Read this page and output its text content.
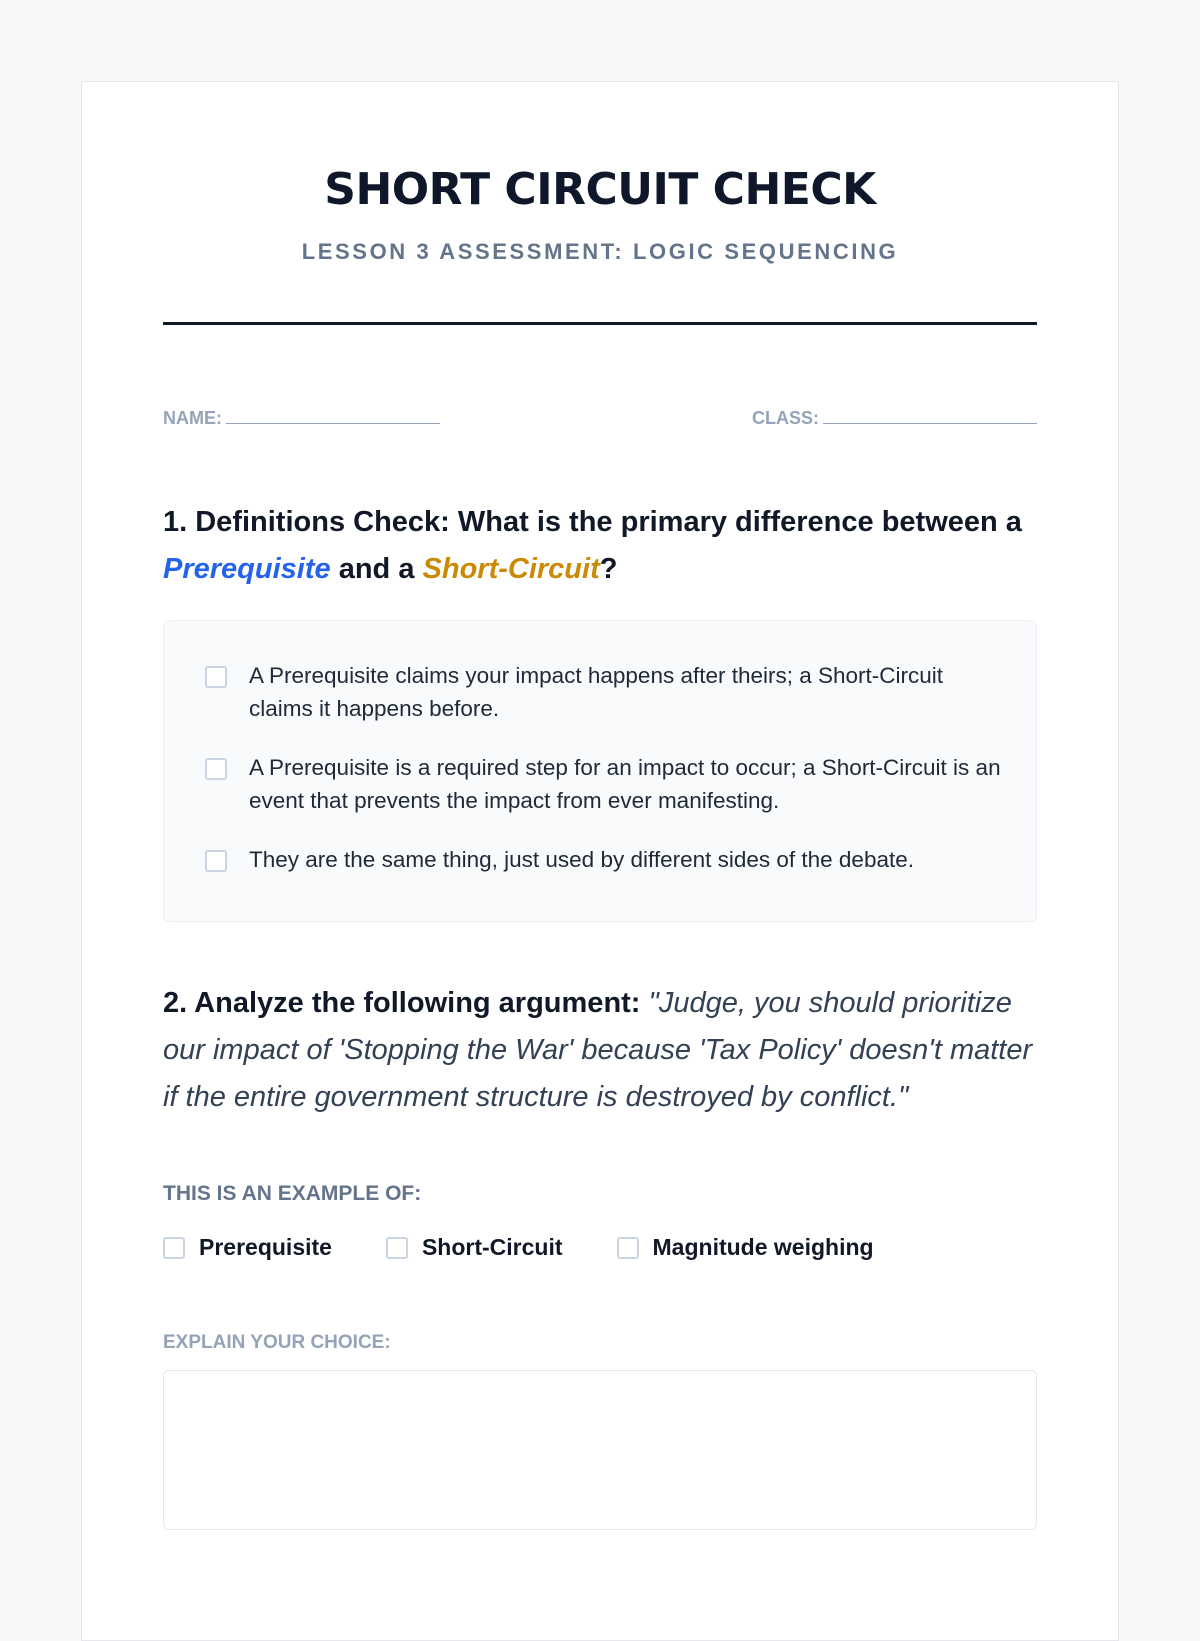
SHORT CIRCUIT CHECK
LESSON 3 ASSESSMENT: LOGIC SEQUENCING
NAME:	CLASS:
1. Definitions Check: What is the primary difference between a Prerequisite and a Short-Circuit?
A Prerequisite claims your impact happens after theirs; a Short-Circuit claims it happens before.
A Prerequisite is a required step for an impact to occur; a Short-Circuit is an event that prevents the impact from ever manifesting.
They are the same thing, just used by different sides of the debate.
2. Analyze the following argument: "Judge, you should prioritize our impact of 'Stopping the War' because 'Tax Policy' doesn't matter if the entire government structure is destroyed by conflict."
THIS IS AN EXAMPLE OF:
Prerequisite	Short-Circuit	Magnitude weighing
EXPLAIN YOUR CHOICE:
